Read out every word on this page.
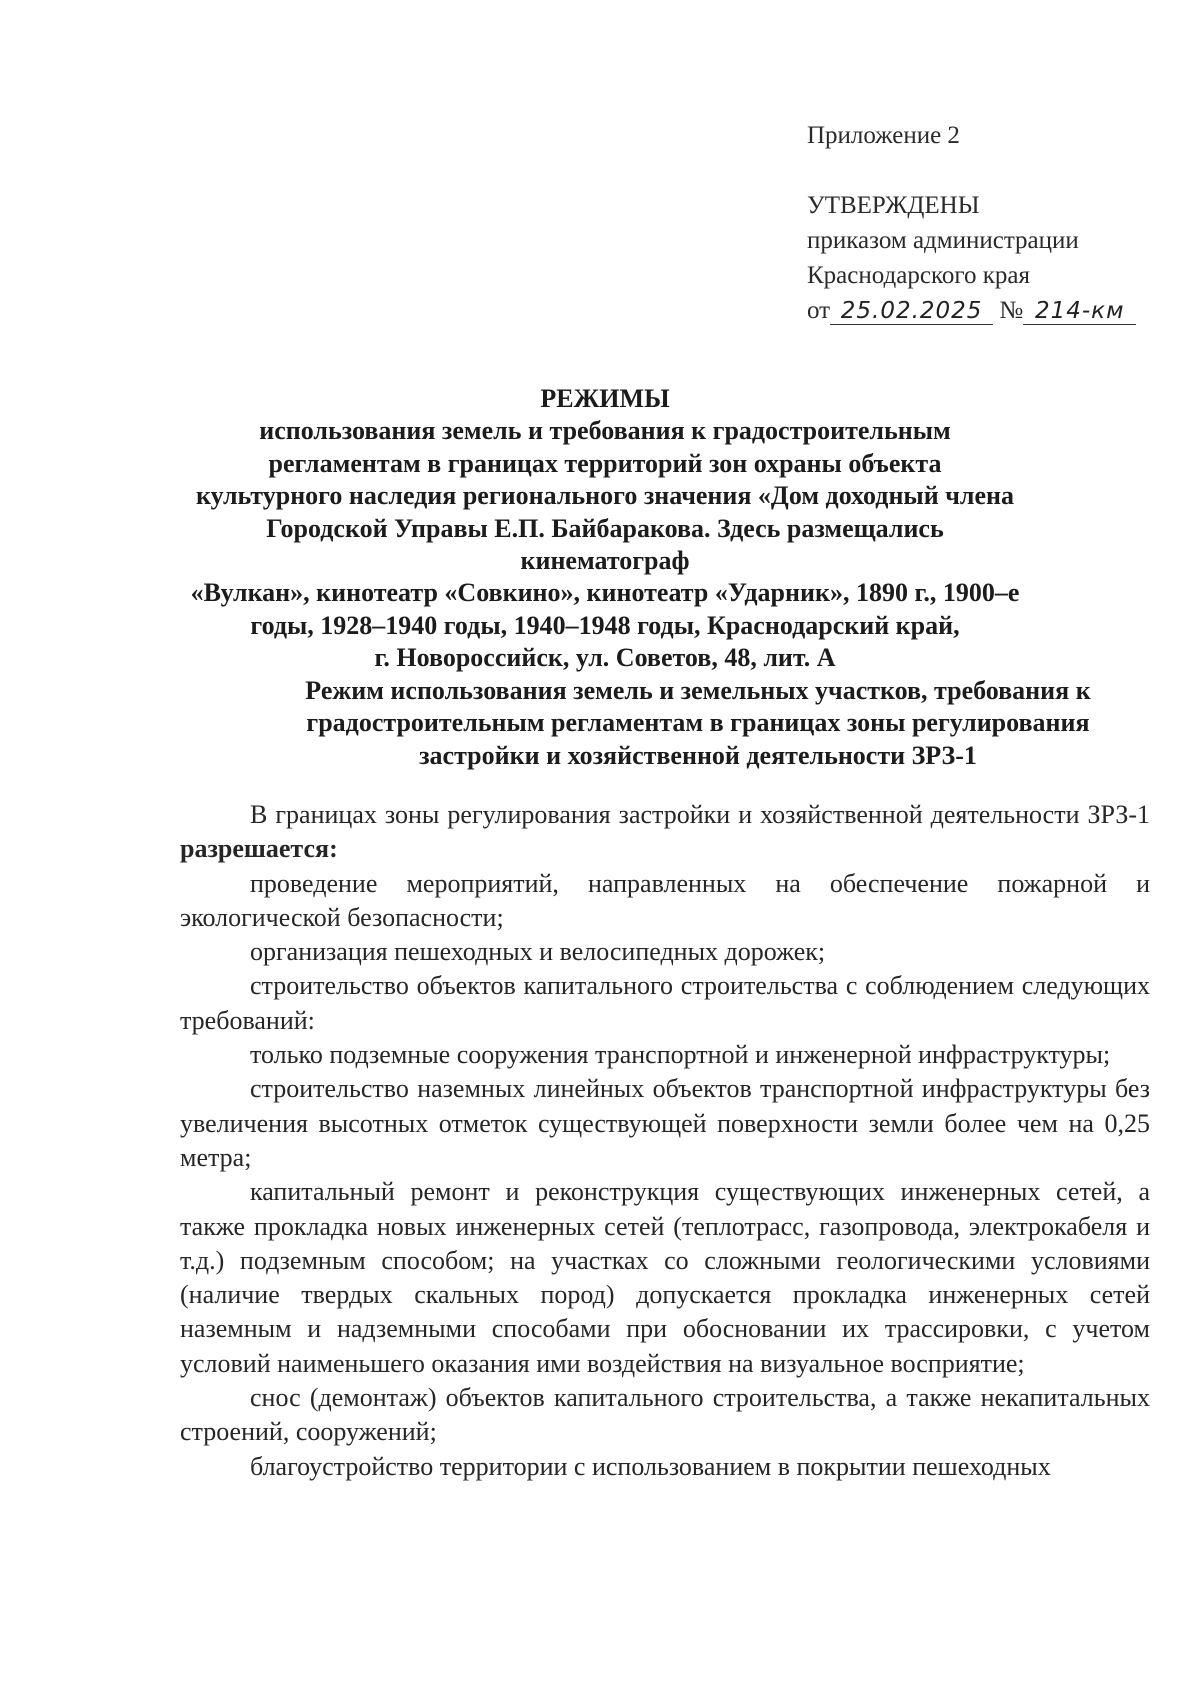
Приложение 2
УТВЕРЖДЕНЫ
приказом администрации
Краснодарского края
от 25.02.2025 № 214-км
РЕЖИМЫ
использования земель и требования к градостроительным
регламентам в границах территорий зон охраны объекта
культурного наследия регионального значения «Дом доходный члена
Городской Управы Е.П. Байбаракова. Здесь размещались кинематограф
«Вулкан», кинотеатр «Совкино», кинотеатр «Ударник», 1890 г., 1900–е
годы, 1928–1940 годы, 1940–1948 годы, Краснодарский край,
г. Новороссийск, ул. Советов, 48, лит. А
Режим использования земель и земельных участков, требования к
градостроительным регламентам в границах зоны регулирования
застройки и хозяйственной деятельности ЗРЗ-1

В границах зоны регулирования застройки и хозяйственной деятельности ЗРЗ-1 разрешается:

проведение мероприятий, направленных на обеспечение пожарной и экологической безопасности;

организация пешеходных и велосипедных дорожек;

строительство объектов капитального строительства с соблюдением следующих требований:

только подземные сооружения транспортной и инженерной инфраструктуры;

строительство наземных линейных объектов транспортной инфраструктуры без увеличения высотных отметок существующей поверхности земли более чем на 0,25 метра;

капитальный ремонт и реконструкция существующих инженерных сетей, а также прокладка новых инженерных сетей (теплотрасс, газопровода, электрокабеля и т.д.) подземным способом; на участках со сложными геологическими условиями (наличие твердых скальных пород) допускается прокладка инженерных сетей наземным и надземными способами при обосновании их трассировки, с учетом условий наименьшего оказания ими воздействия на визуальное восприятие;

снос (демонтаж) объектов капитального строительства, а также некапитальных строений, сооружений;

благоустройство территории с использованием в покрытии пешеходных
